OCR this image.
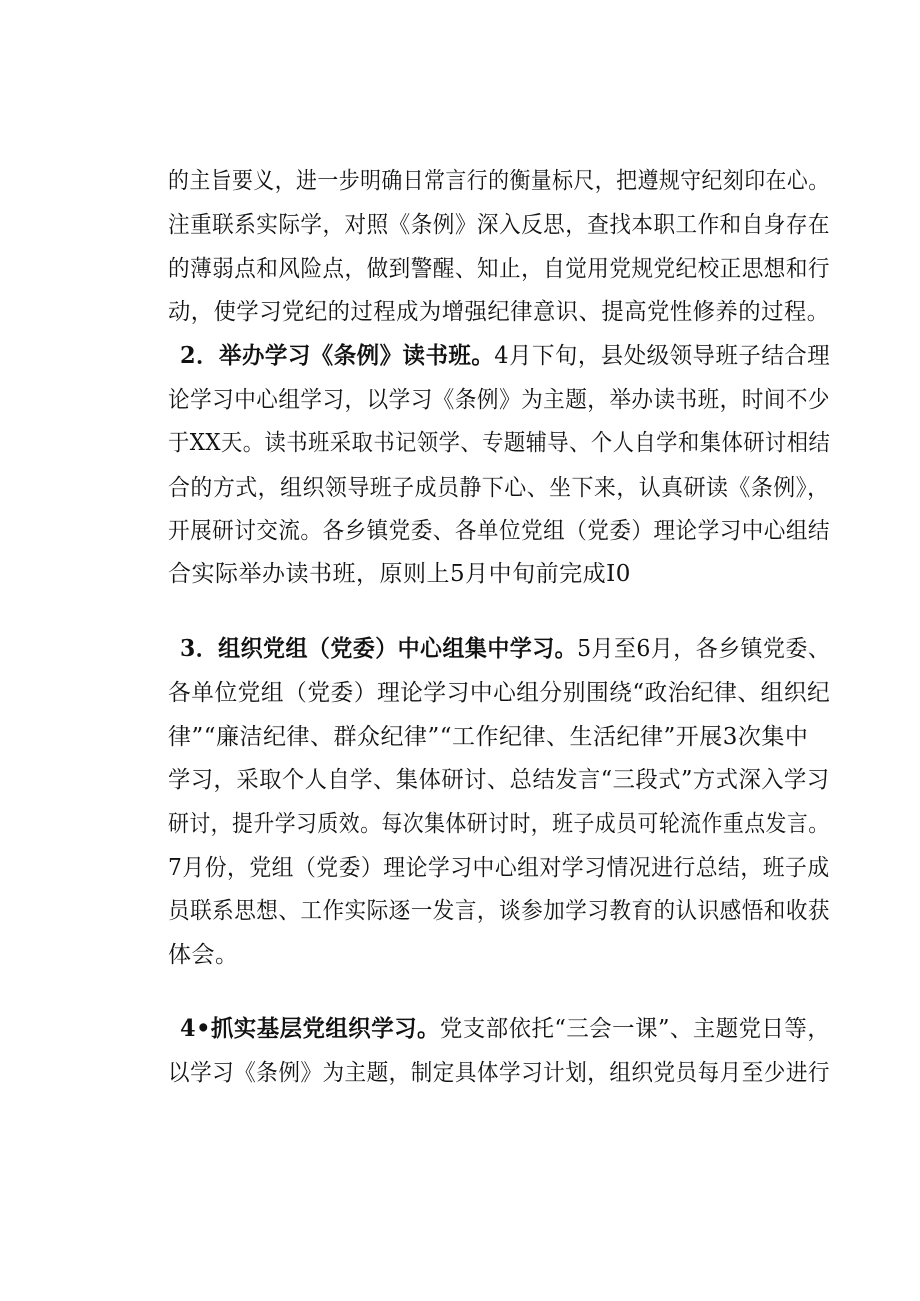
的主旨要义，进一步明确日常言行的衡量标尺，把遵规守纪刻印在心。
注重联系实际学，对照《条例》深入反思，查找本职工作和自身存在
的薄弱点和风险点，做到警醒、知止，自觉用党规党纪校正思想和行
动，使学习党纪的过程成为增强纪律意识、提高党性修养的过程。
2．举办学习《条例》读书班。4月下旬，县处级领导班子结合理
论学习中心组学习，以学习《条例》为主题，举办读书班，时间不少
于XX天。读书班采取书记领学、专题辅导、个人自学和集体研讨相结
合的方式，组织领导班子成员静下心、坐下来，认真研读《条例》，
开展研讨交流。各乡镇党委、各单位党组（党委）理论学习中心组结
合实际举办读书班，原则上5月中旬前完成I0
3．组织党组（党委）中心组集中学习。5月至6月，各乡镇党委、
各单位党组（党委）理论学习中心组分别围绕“政治纪律、组织纪
律”“廉洁纪律、群众纪律”“工作纪律、生活纪律”开展3次集中
学习，采取个人自学、集体研讨、总结发言“三段式”方式深入学习
研讨，提升学习质效。每次集体研讨时，班子成员可轮流作重点发言。
7月份，党组（党委）理论学习中心组对学习情况进行总结，班子成
员联系思想、工作实际逐一发言，谈参加学习教育的认识感悟和收获
体会。
4•抓实基层党组织学习。党支部依托“三会一课”、主题党日等，
以学习《条例》为主题，制定具体学习计划，组织党员每月至少进行
